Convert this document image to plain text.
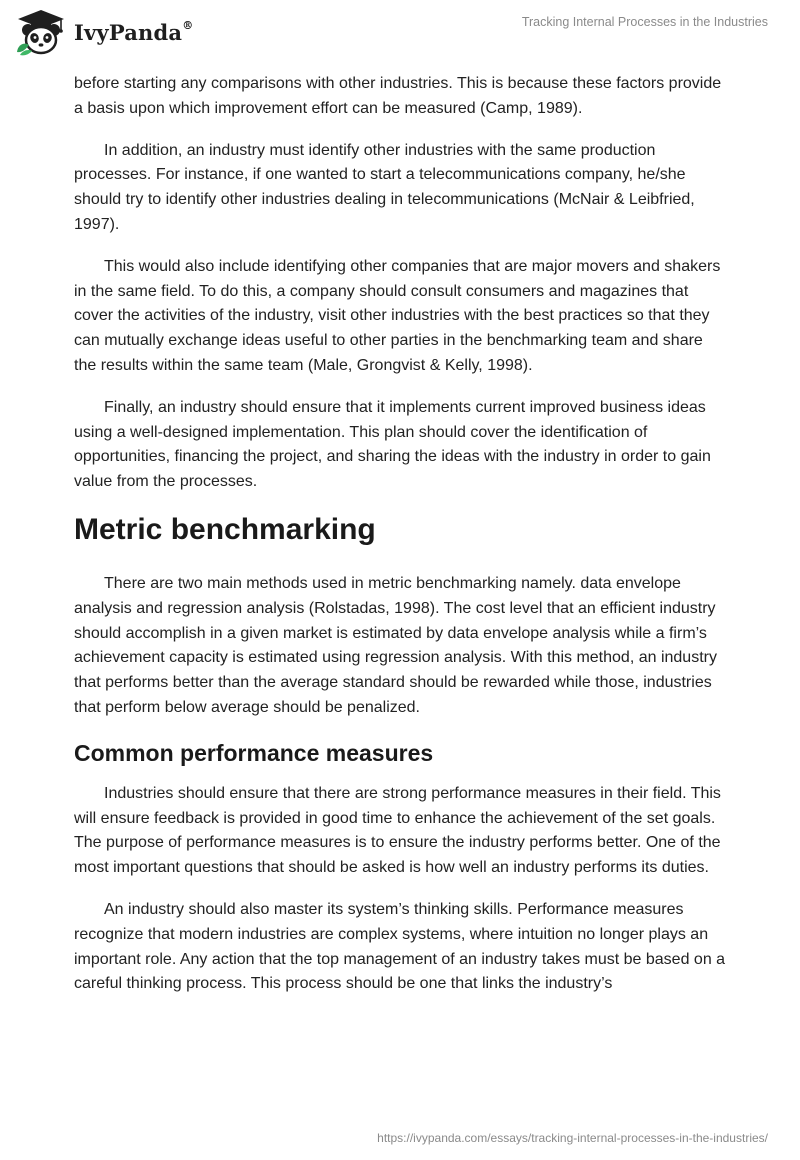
IvyPanda®	Tracking Internal Processes in the Industries

before starting any comparisons with other industries. This is because these factors provide a basis upon which improvement effort can be measured (Camp, 1989).

In addition, an industry must identify other industries with the same production processes. For instance, if one wanted to start a telecommunications company, he/she should try to identify other industries dealing in telecommunications (McNair & Leibfried, 1997).

This would also include identifying other companies that are major movers and shakers in the same field. To do this, a company should consult consumers and magazines that cover the activities of the industry, visit other industries with the best practices so that they can mutually exchange ideas useful to other parties in the benchmarking team and share the results within the same team (Male, Grongvist & Kelly, 1998).

Finally, an industry should ensure that it implements current improved business ideas using a well-designed implementation. This plan should cover the identification of opportunities, financing the project, and sharing the ideas with the industry in order to gain value from the processes.

Metric benchmarking

There are two main methods used in metric benchmarking namely. data envelope analysis and regression analysis (Rolstadas, 1998). The cost level that an efficient industry should accomplish in a given market is estimated by data envelope analysis while a firm’s achievement capacity is estimated using regression analysis. With this method, an industry that performs better than the average standard should be rewarded while those, industries that perform below average should be penalized.

Common performance measures

Industries should ensure that there are strong performance measures in their field. This will ensure feedback is provided in good time to enhance the achievement of the set goals. The purpose of performance measures is to ensure the industry performs better. One of the most important questions that should be asked is how well an industry performs its duties.

An industry should also master its system’s thinking skills. Performance measures recognize that modern industries are complex systems, where intuition no longer plays an important role. Any action that the top management of an industry takes must be based on a careful thinking process. This process should be one that links the industry’s

https://ivypanda.com/essays/tracking-internal-processes-in-the-industries/
